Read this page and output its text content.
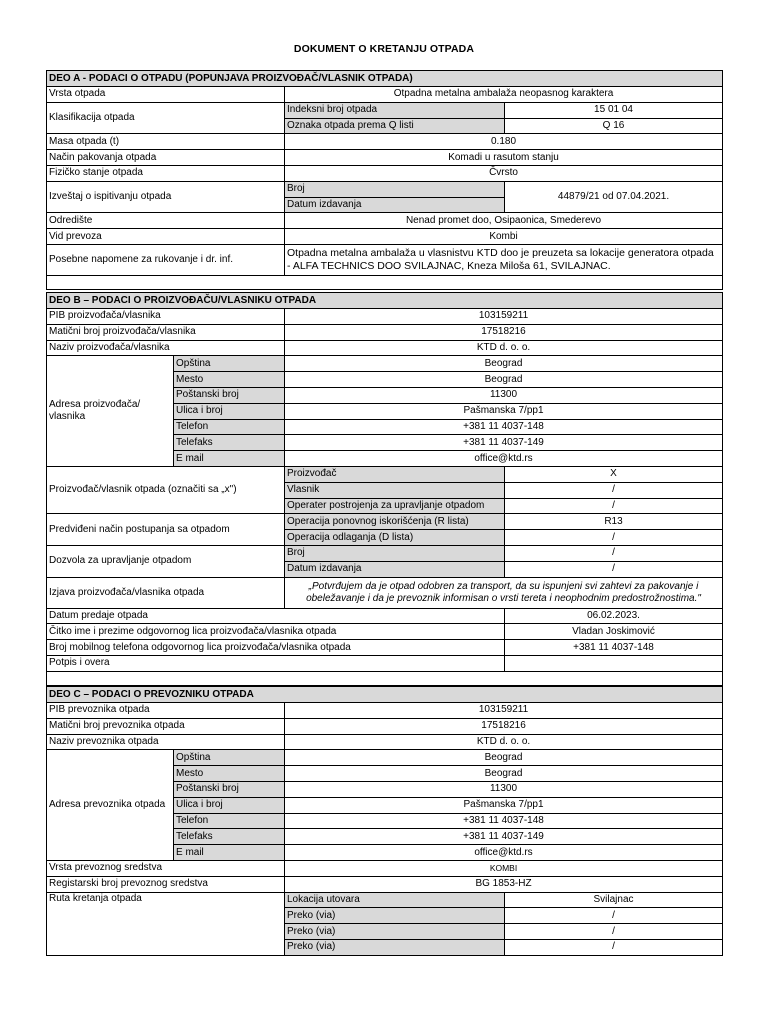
DOKUMENT O KRETANJU OTPADA
DEO A - PODACI O OTPADU (POPUNJAVA PROIZVOĐAČ/VLASNIK OTPADA)		
Vrsta otpada	Otpadna metalna ambalaža neopasnog karaktera	
Klasifikacija otpada	Indeksni broj otpada	15 01 04
	Oznaka otpada prema Q listi	Q 16
Masa otpada (t)	0.180	
Način pakovanja otpada	Komadi u rasutom stanju	
Fizičko stanje otpada	Čvrsto	
Izveštaj o ispitivanju otpada	Broj	44879/21 od 07.04.2021.
	Datum izdavanja	
Odredište	Nenad promet doo, Osipaonica, Smederevo	
Vid prevoza	Kombi	
Posebne napomene za rukovanje i dr. inf.	Otpadna metalna ambalaža u vlasnistvu KTD doo je preuzeta sa lokacije generatora otpada - ALFA TECHNICS DOO SVILAJNAC, Kneza Miloša 61, SVILAJNAC.	

DEO B – PODACI O PROIZVOĐAČU/VLASNIKU OTPADA			
PIB proizvođača/vlasnika		103159211	
Matični broj proizvođača/vlasnika		17518216	
Naziv proizvođača/vlasnika		KTD d. o. o.	
Adresa proizvođača/ vlasnika	Opština	Beograd	
	Mesto	Beograd	
	Poštanski broj	11300	
	Ulica i broj	Pašmanska 7/pp1	
	Telefon	+381 11 4037-148	
	Telefaks	+381 11 4037-149	
	E mail	office@ktd.rs	
Proizvođač/vlasnik otpada (označiti sa „x")		Proizvođač	X
		Vlasnik	/
		Operater postrojenja za upravljanje otpadom	/
Predviđeni način postupanja sa otpadom		Operacija ponovnog iskorišćenja (R lista)	R13
		Operacija odlaganja (D lista)	/
Dozvola za upravljanje otpadom		Broj	/
		Datum izdavanja	/
Izjava proizvođača/vlasnika otpada		„Potvrđujem da je otpad odobren za transport, da su ispunjeni svi zahtevi za pakovanje i obeležavanje i da je prevoznik informisan o vrsti tereta i neophodnim predostrožnostima."	
Datum predaje otpada			06.02.2023.
Čitko ime i prezime odgovornog lica proizvođača/vlasnika otpada			Vladan Joskimović
Broj mobilnog telefona odgovornog lica proizvođača/vlasnika otpada			+381 11 4037-148
Potpis i overa			

DEO C – PODACI O PREVOZNIKU OTPADA			
PIB prevoznika otpada		103159211	
Matični broj prevoznika otpada		17518216	
Naziv prevoznika otpada		KTD d. o. o.	
Adresa prevoznika otpada	Opština	Beograd	
	Mesto	Beograd	
	Poštanski broj	11300	
	Ulica i broj	Pašmanska 7/pp1	
	Telefon	+381 11 4037-148	
	Telefaks	+381 11 4037-149	
	E mail	office@ktd.rs	
Vrsta prevoznog sredstva		KOMBI	
Registarski broj prevoznog sredstva		BG 1853-HZ	
Ruta kretanja otpada		Lokacija utovara	Svilajnac
		Preko (via)	/
		Preko (via)	/
		Preko (via)	/
